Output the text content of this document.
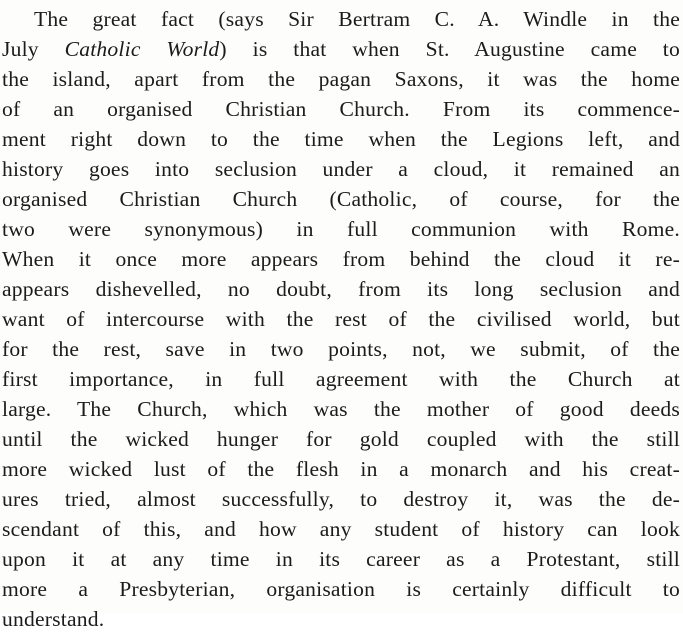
The great fact (says Sir Bertram C. A. Windle in the
July Catholic World) is that when St. Augustine came to
the island, apart from the pagan Saxons, it was the home
of an organised Christian Church. From its commence-
ment right down to the time when the Legions left, and
history goes into seclusion under a cloud, it remained an
organised Christian Church (Catholic, of course, for the
two were synonymous) in full communion with Rome.
When it once more appears from behind the cloud it re-
appears dishevelled, no doubt, from its long seclusion and
want of intercourse with the rest of the civilised world, but
for the rest, save in two points, not, we submit, of the
first importance, in full agreement with the Church at
large. The Church, which was the mother of good deeds
until the wicked hunger for gold coupled with the still
more wicked lust of the flesh in a monarch and his creat-
ures tried, almost successfully, to destroy it, was the de-
scendant of this, and how any student of history can look
upon it at any time in its career as a Protestant, still
more a Presbyterian, organisation is certainly difficult to
understand.
